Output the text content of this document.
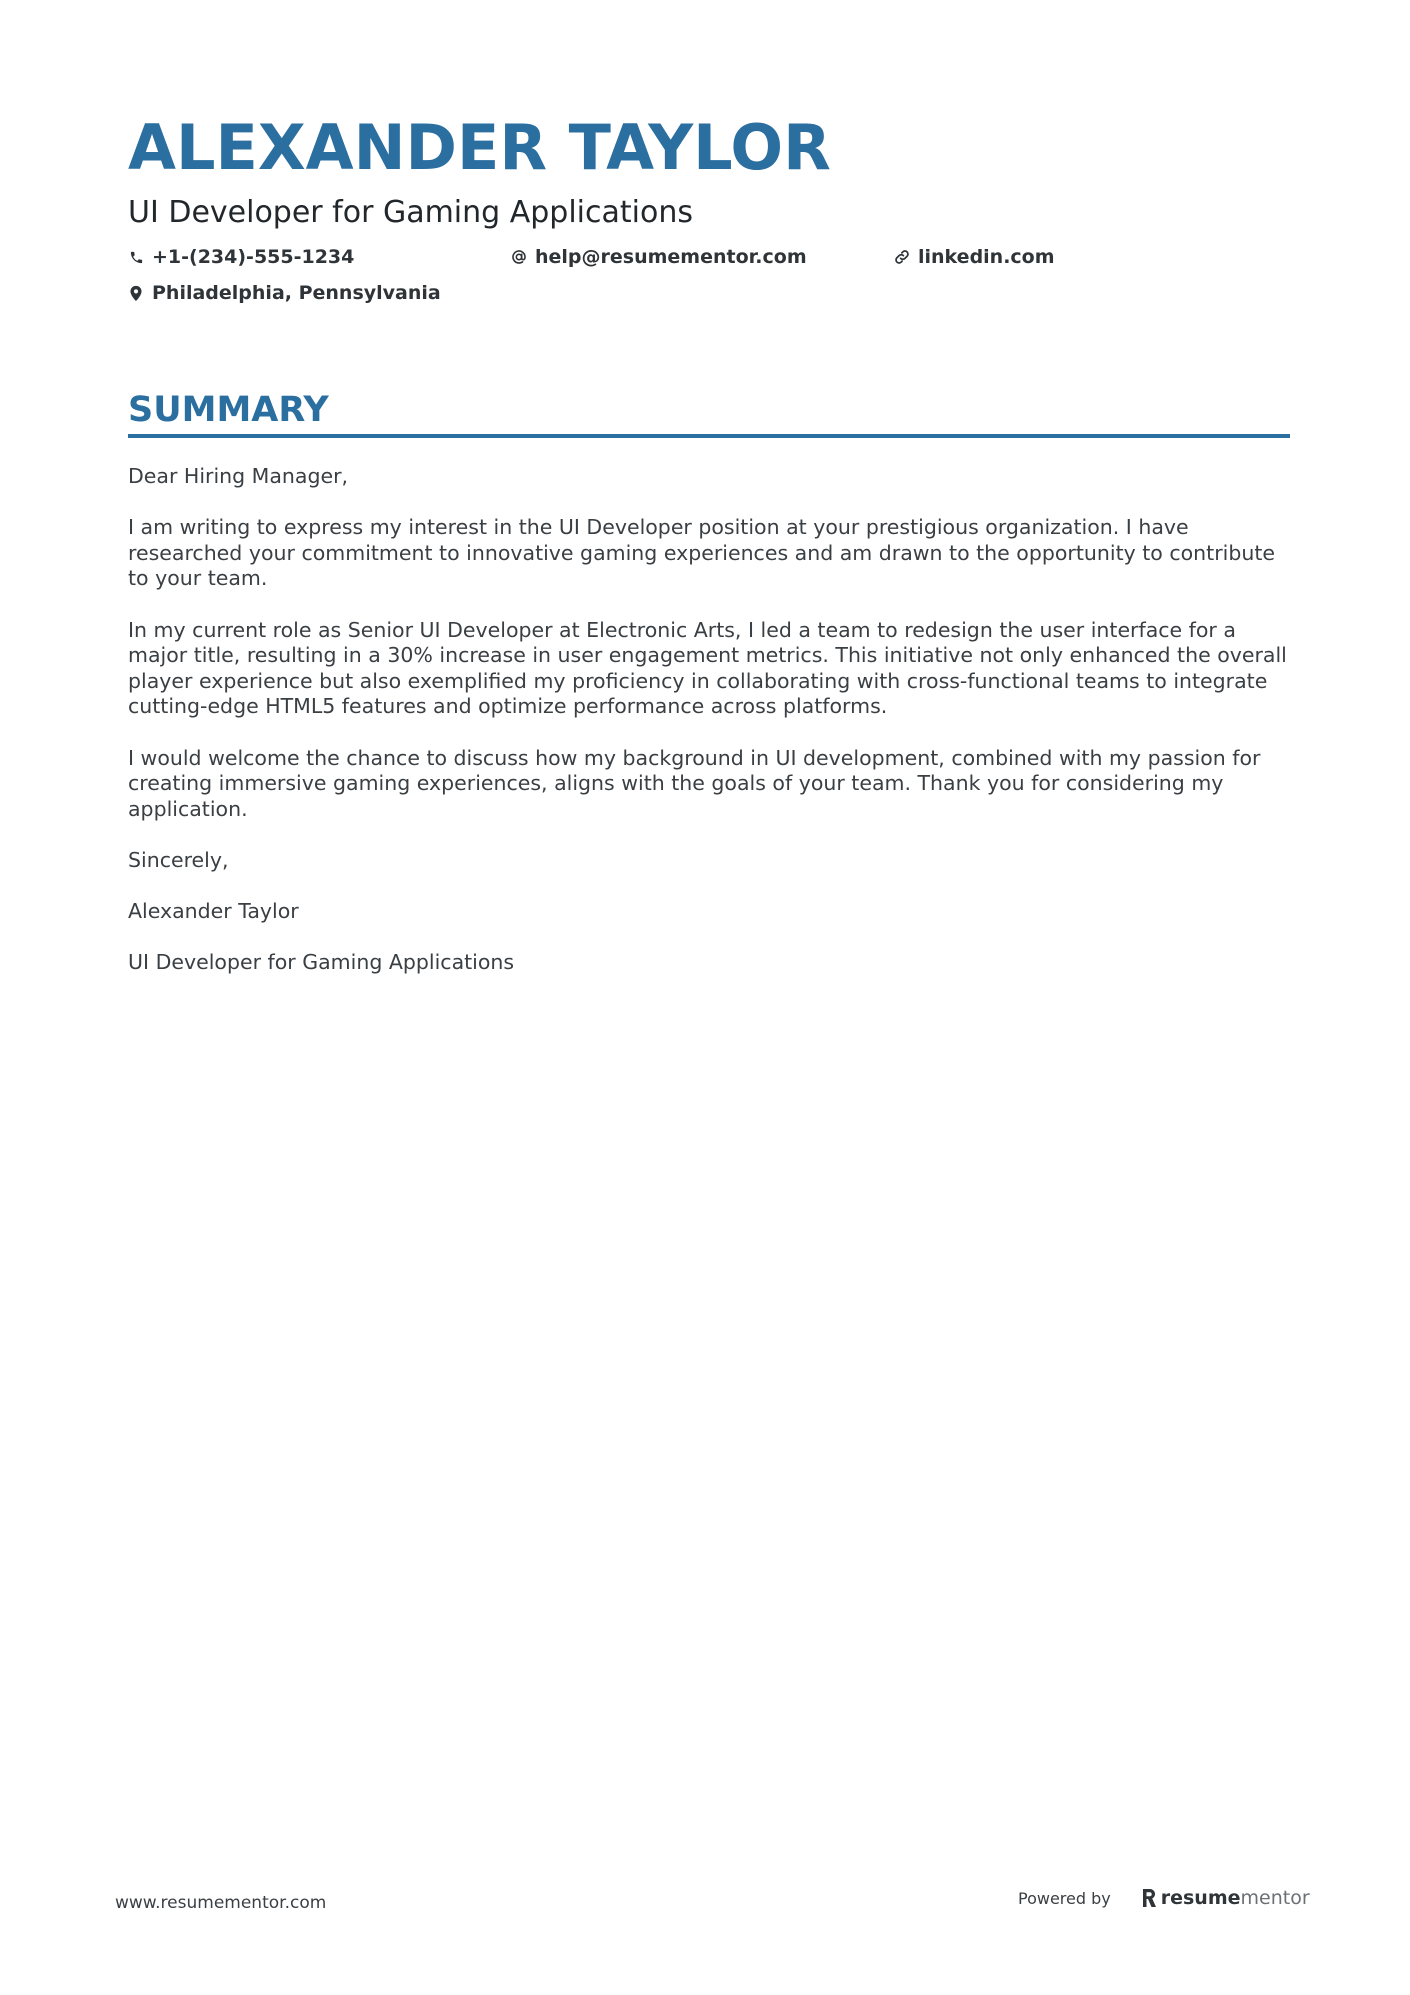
ALEXANDER TAYLOR
UI Developer for Gaming Applications
+1-(234)-555-1234	help@resumementor.com	linkedin.com
Philadelphia, Pennsylvania
SUMMARY

Dear Hiring Manager,

I am writing to express my interest in the UI Developer position at your prestigious organization. I have researched your commitment to innovative gaming experiences and am drawn to the opportunity to contribute to your team.

In my current role as Senior UI Developer at Electronic Arts, I led a team to redesign the user interface for a major title, resulting in a 30% increase in user engagement metrics. This initiative not only enhanced the overall player experience but also exemplified my proficiency in collaborating with cross-functional teams to integrate cutting-edge HTML5 features and optimize performance across platforms.

I would welcome the chance to discuss how my background in UI development, combined with my passion for creating immersive gaming experiences, aligns with the goals of your team. Thank you for considering my application.

Sincerely,

Alexander Taylor

UI Developer for Gaming Applications

www.resumementor.com	Powered by	resume mentor
